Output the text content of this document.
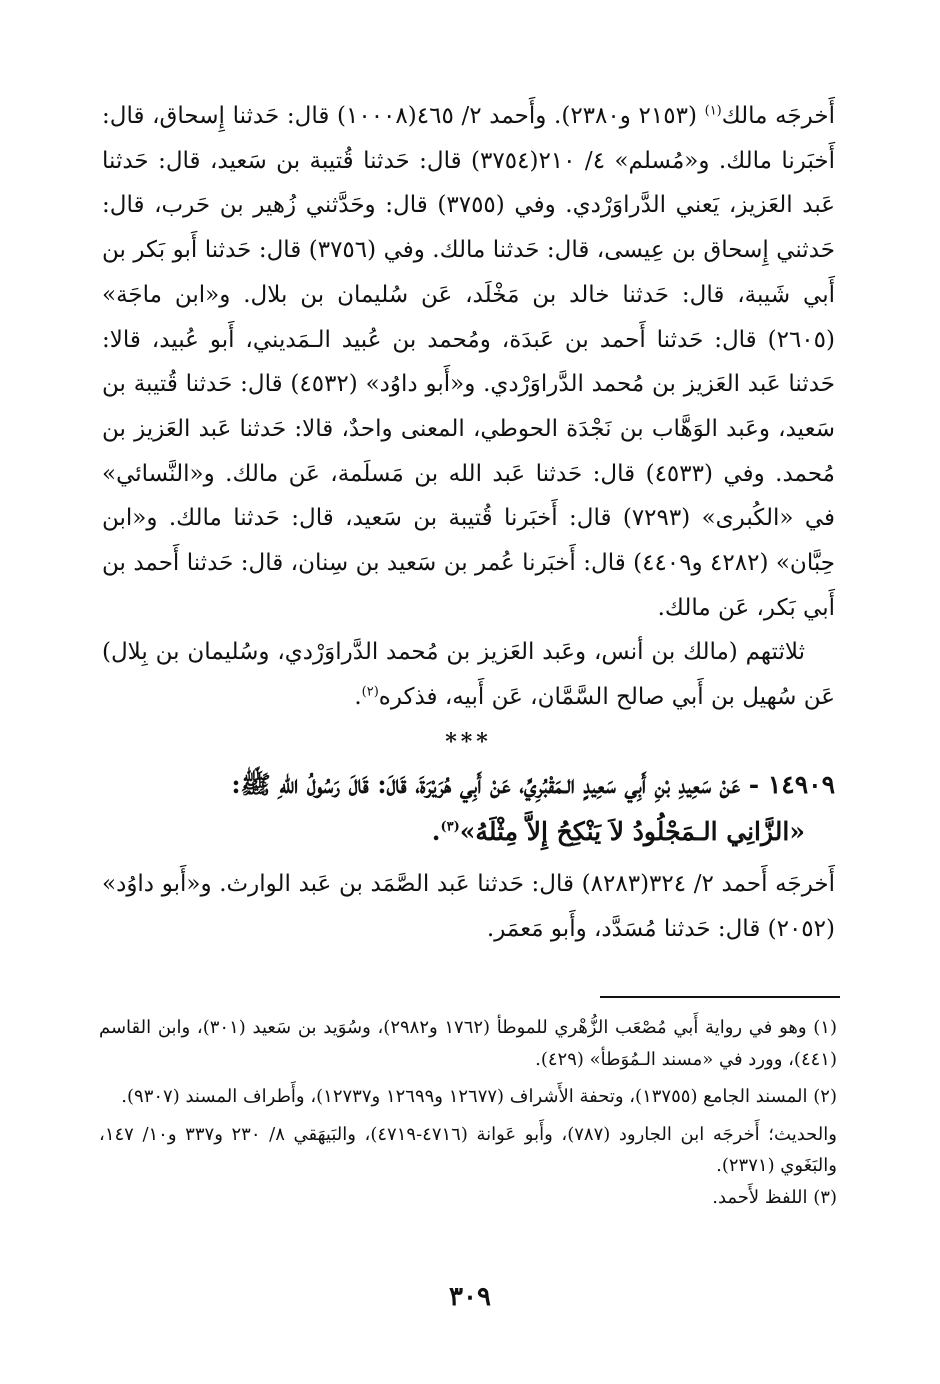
أَخرجَه مالك$^{(١)}$ (٢١٥٣ و٢٣٨٠). وأَحمد ٢/ ٤٦٥(١٠٠٠٨) قال: حَدثنا إِسحاق، قال: أَخبَرنا مالك. و«مُسلم» ٤/ ٢١٠(٣٧٥٤) قال: حَدثنا قُتيبة بن سَعيد، قال: حَدثنا عَبد العَزيز، يَعني الدَّراوَرْدي. وفي (٣٧٥٥) قال: وحَدَّثني زُهير بن حَرب، قال: حَدثني إِسحاق بن عِيسى، قال: حَدثنا مالك. وفي (٣٧٥٦) قال: حَدثنا أَبو بَكر بن أَبي شَيبة، قال: حَدثنا خالد بن مَخْلَد، عَن سُليمان بن بلال. و«ابن ماجَة» (٢٦٠٥) قال: حَدثنا أَحمد بن عَبدَة، ومُحمد بن عُبيد الـمَديني، أَبو عُبيد، قالا: حَدثنا عَبد العَزيز بن مُحمد الدَّراوَرْدي. و«أَبو داوُد» (٤٥٣٢) قال: حَدثنا قُتيبة بن سَعيد، وعَبد الوَهَّاب بن نَجْدَة الحوطي، المعنى واحدٌ، قالا: حَدثنا عَبد العَزيز بن مُحمد. وفي (٤٥٣٣) قال: حَدثنا عَبد الله بن مَسلَمة، عَن مالك. و«النَّسائي» في «الكُبرى» (٧٢٩٣) قال: أَخبَرنا قُتيبة بن سَعيد، قال: حَدثنا مالك. و«ابن حِبَّان» (٤٢٨٢ و٤٤٠٩) قال: أَخبَرنا عُمر بن سَعيد بن سِنان، قال: حَدثنا أَحمد بن أَبي بَكر، عَن مالك.

ثلاثتهم (مالك بن أنس، وعَبد العَزيز بن مُحمد الدَّراوَرْدي، وسُليمان بن بِلال) عَن سُهيل بن أَبي صالح السَّمَّان، عَن أَبيه، فذكره$^{(٢)}$.

***

١٤٩٠٩ - عَنْ سَعِيدِ بْنِ أَبِي سَعِيدٍ الـمَقْبُرِيِّ، عَنْ أَبِي هُرَيْرَةَ، قَالَ: قَالَ رَسُولُ اللهِ ﷺ:

«الزَّانِي الـمَجْلُودُ لاَ يَنْكِحُ إِلاَّ مِثْلَهُ»$^{(٣)}$.

أَخرجَه أَحمد ٢/ ٣٢٤(٨٢٨٣) قال: حَدثنا عَبد الصَّمَد بن عَبد الوارث. و«أَبو داوُد» (٢٠٥٢) قال: حَدثنا مُسَدَّد، وأَبو مَعمَر.

(١) وهو في رواية أَبي مُصْعَب الزُّهْري للموطأ (١٧٦٢ و٢٩٨٢)، وسُوَيد بن سَعيد (٣٠١)، وابن القاسم (٤٤١)، وورد في «مسند الـمُوَطأ» (٤٢٩).

(٢) المسند الجامع (١٣٧٥٥)، وتحفة الأَشراف (١٢٦٧٧ و١٢٦٩٩ و١٢٧٣٧)، وأَطراف المسند (٩٣٠٧).

والحديث؛ أَخرجَه ابن الجارود (٧٨٧)، وأَبو عَوانة (٤٧١٦-٤٧١٩)، والبَيهَقي ٨/ ٢٣٠ و٣٣٧ و١٠/ ١٤٧، والبَغَوي (٢٣٧١).

(٣) اللفظ لأَحمد.

٣٠٩
